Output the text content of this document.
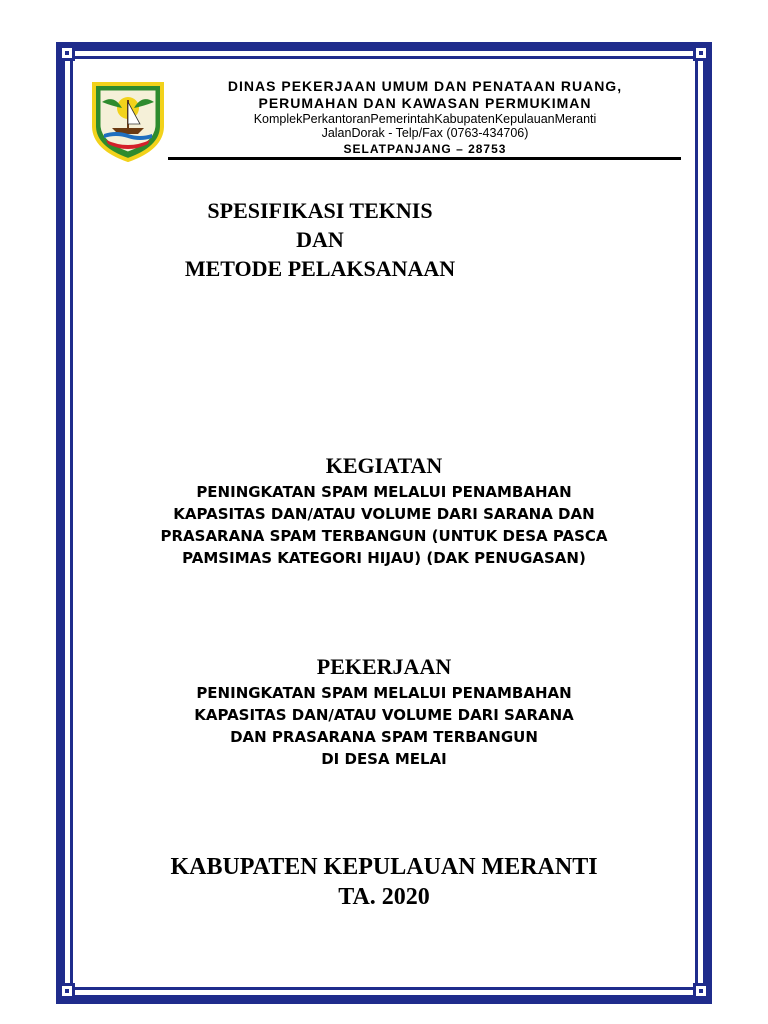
DINAS PEKERJAAN UMUM DAN PENATAAN RUANG,
PERUMAHAN DAN KAWASAN PERMUKIMAN
KomplekPerkantoranPemerintahKabupatenKepulauanMeranti
JalanDorak - Telp/Fax (0763-434706)
SELATPANJANG – 28753
SPESIFIKASI TEKNIS
DAN
METODE PELAKSANAAN
KEGIATAN
PENINGKATAN SPAM MELALUI PENAMBAHAN
KAPASITAS DAN/ATAU VOLUME DARI SARANA DAN
PRASARANA SPAM TERBANGUN (UNTUK DESA PASCA
PAMSIMAS KATEGORI HIJAU) (DAK PENUGASAN)
PEKERJAAN
PENINGKATAN SPAM MELALUI PENAMBAHAN
KAPASITAS DAN/ATAU VOLUME DARI SARANA
DAN PRASARANA SPAM TERBANGUN
DI DESA MELAI
KABUPATEN KEPULAUAN MERANTI
TA. 2020
